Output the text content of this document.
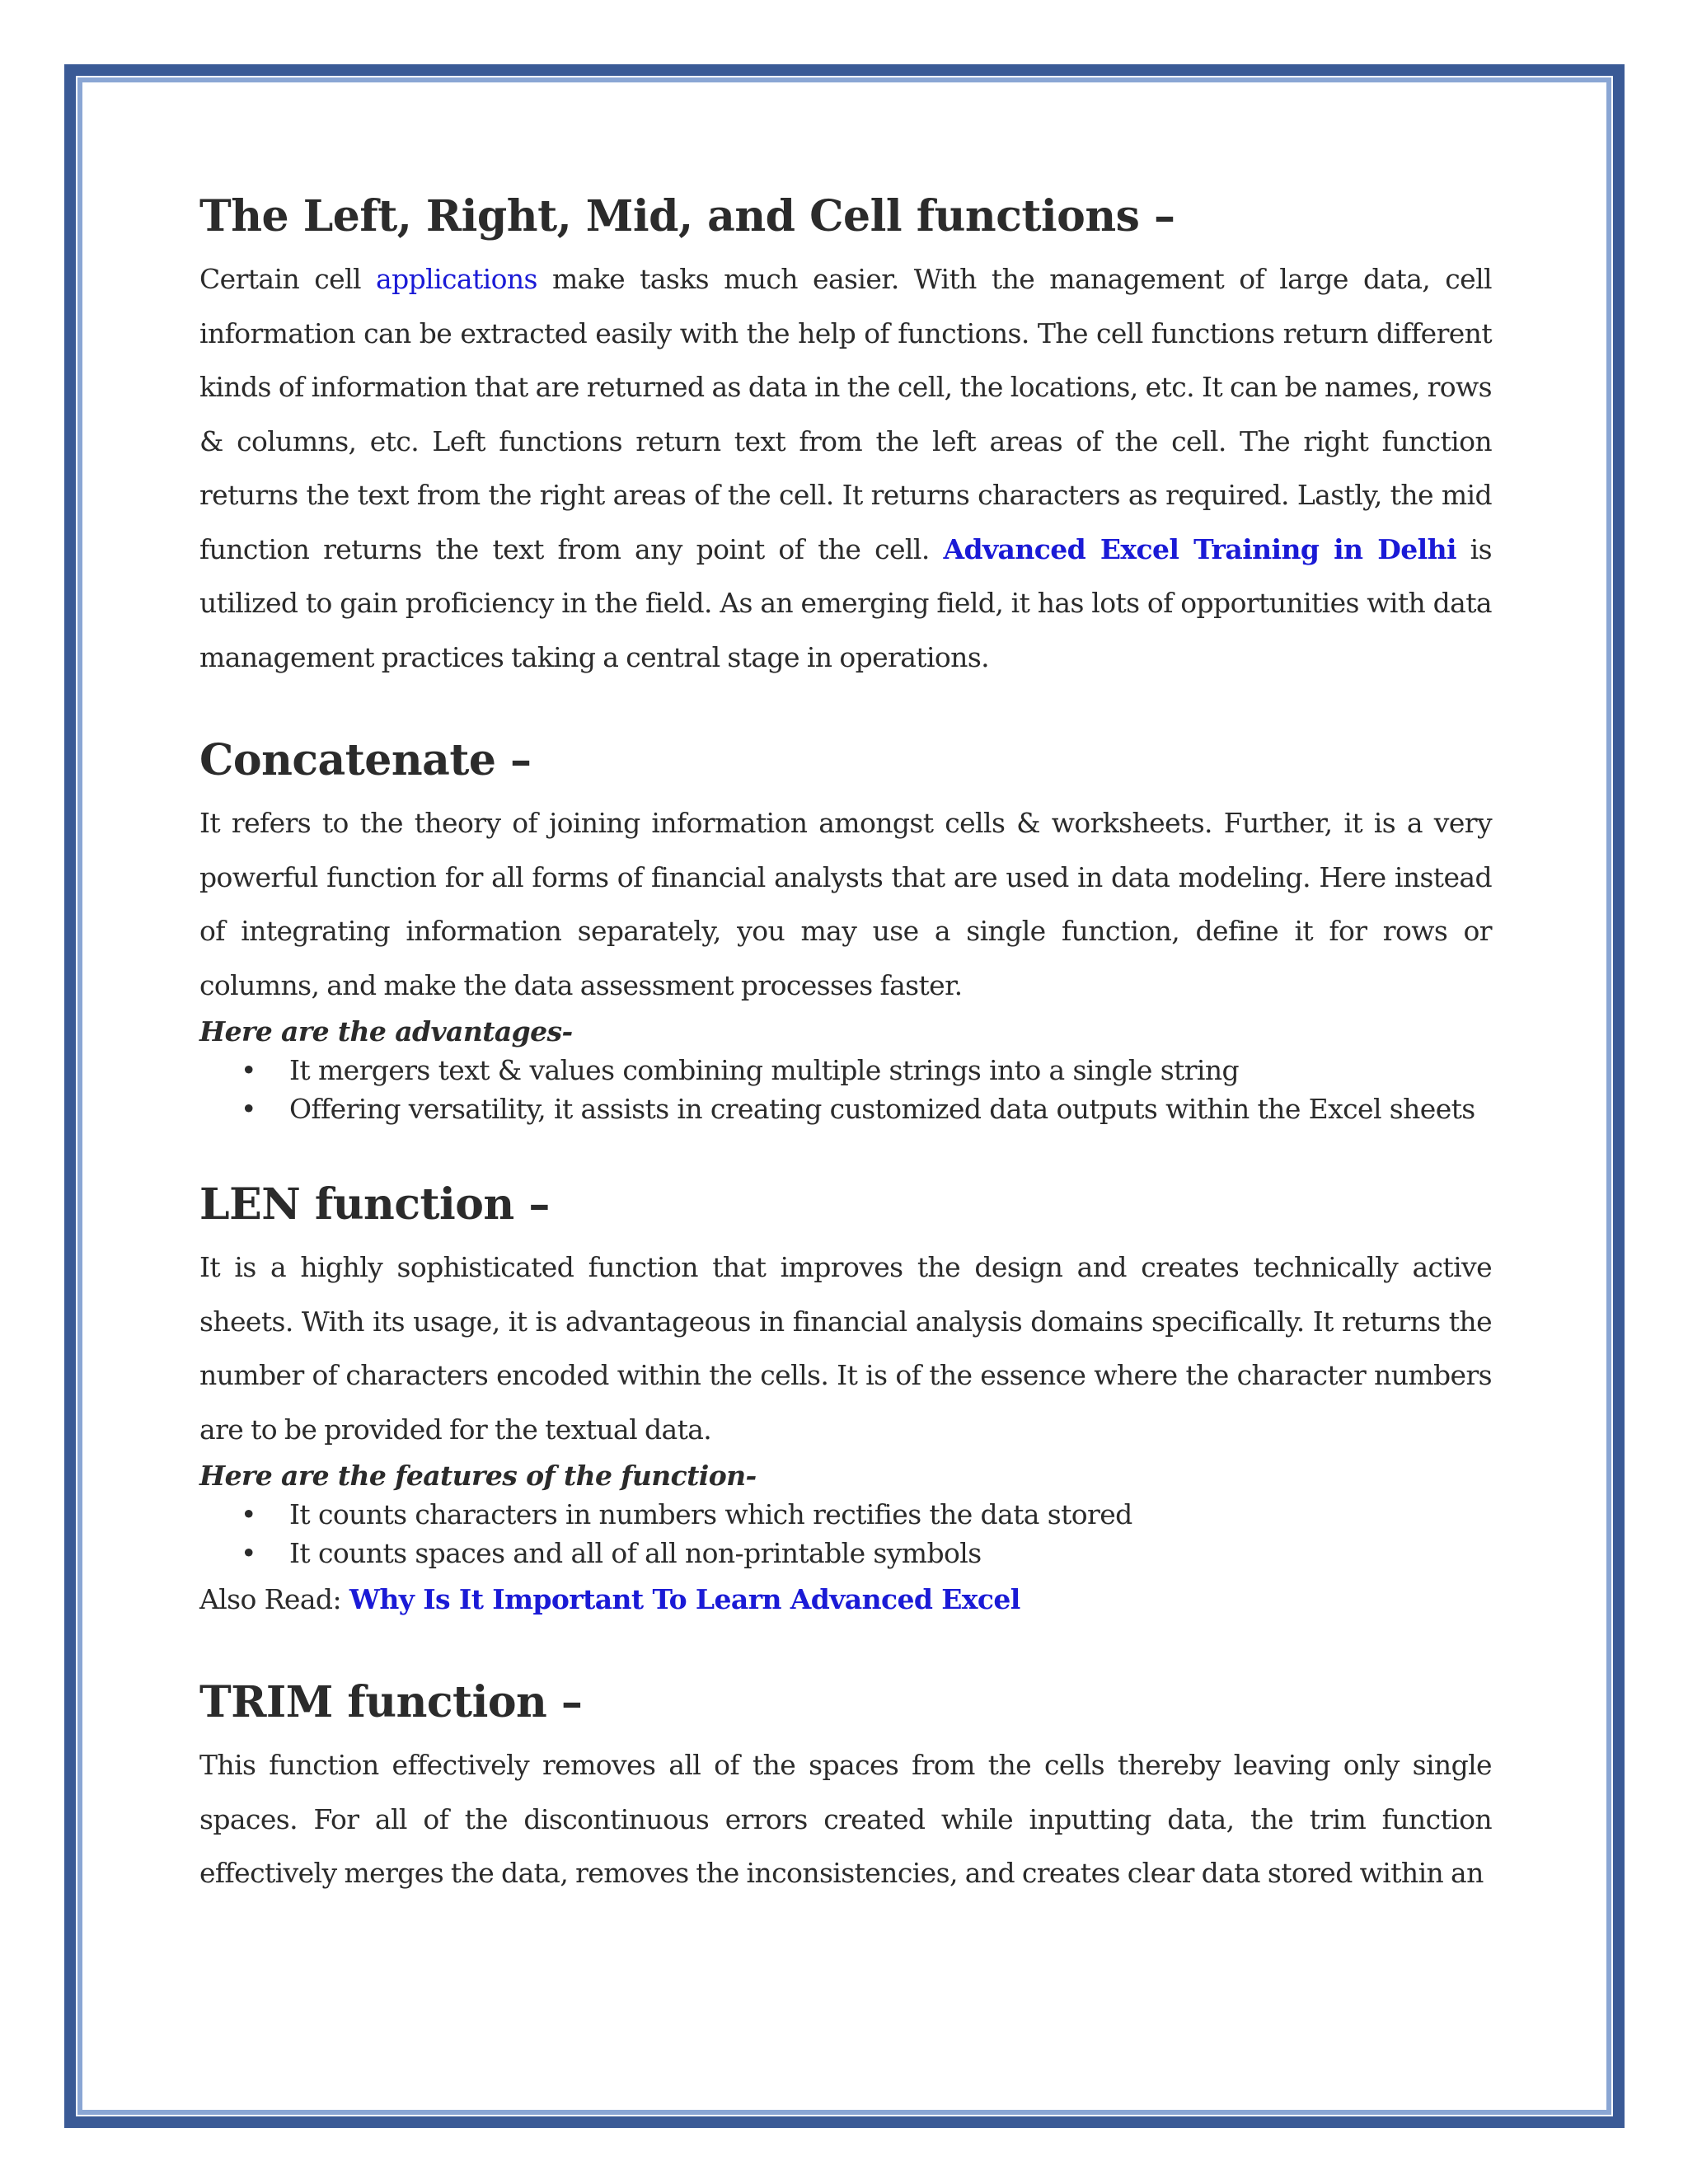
The Left, Right, Mid, and Cell functions –

Certain cell applications make tasks much easier. With the management of large data, cell information can be extracted easily with the help of functions. The cell functions return different kinds of information that are returned as data in the cell, the locations, etc. It can be names, rows & columns, etc. Left functions return text from the left areas of the cell. The right function returns the text from the right areas of the cell. It returns characters as required. Lastly, the mid function returns the text from any point of the cell. Advanced Excel Training in Delhi is utilized to gain proficiency in the field. As an emerging field, it has lots of opportunities with data management practices taking a central stage in operations.

Concatenate –

It refers to the theory of joining information amongst cells & worksheets. Further, it is a very powerful function for all forms of financial analysts that are used in data modeling. Here instead of integrating information separately, you may use a single function, define it for rows or columns, and make the data assessment processes faster.

Here are the advantages-
• It mergers text & values combining multiple strings into a single string
• Offering versatility, it assists in creating customized data outputs within the Excel sheets
LEN function –

It is a highly sophisticated function that improves the design and creates technically active sheets. With its usage, it is advantageous in financial analysis domains specifically. It returns the number of characters encoded within the cells. It is of the essence where the character numbers are to be provided for the textual data.

Here are the features of the function-
• It counts characters in numbers which rectifies the data stored
• It counts spaces and all of all non-printable symbols
Also Read: Why Is It Important To Learn Advanced Excel
TRIM function –

This function effectively removes all of the spaces from the cells thereby leaving only single spaces. For all of the discontinuous errors created while inputting data, the trim function effectively merges the data, removes the inconsistencies, and creates clear data stored within an
